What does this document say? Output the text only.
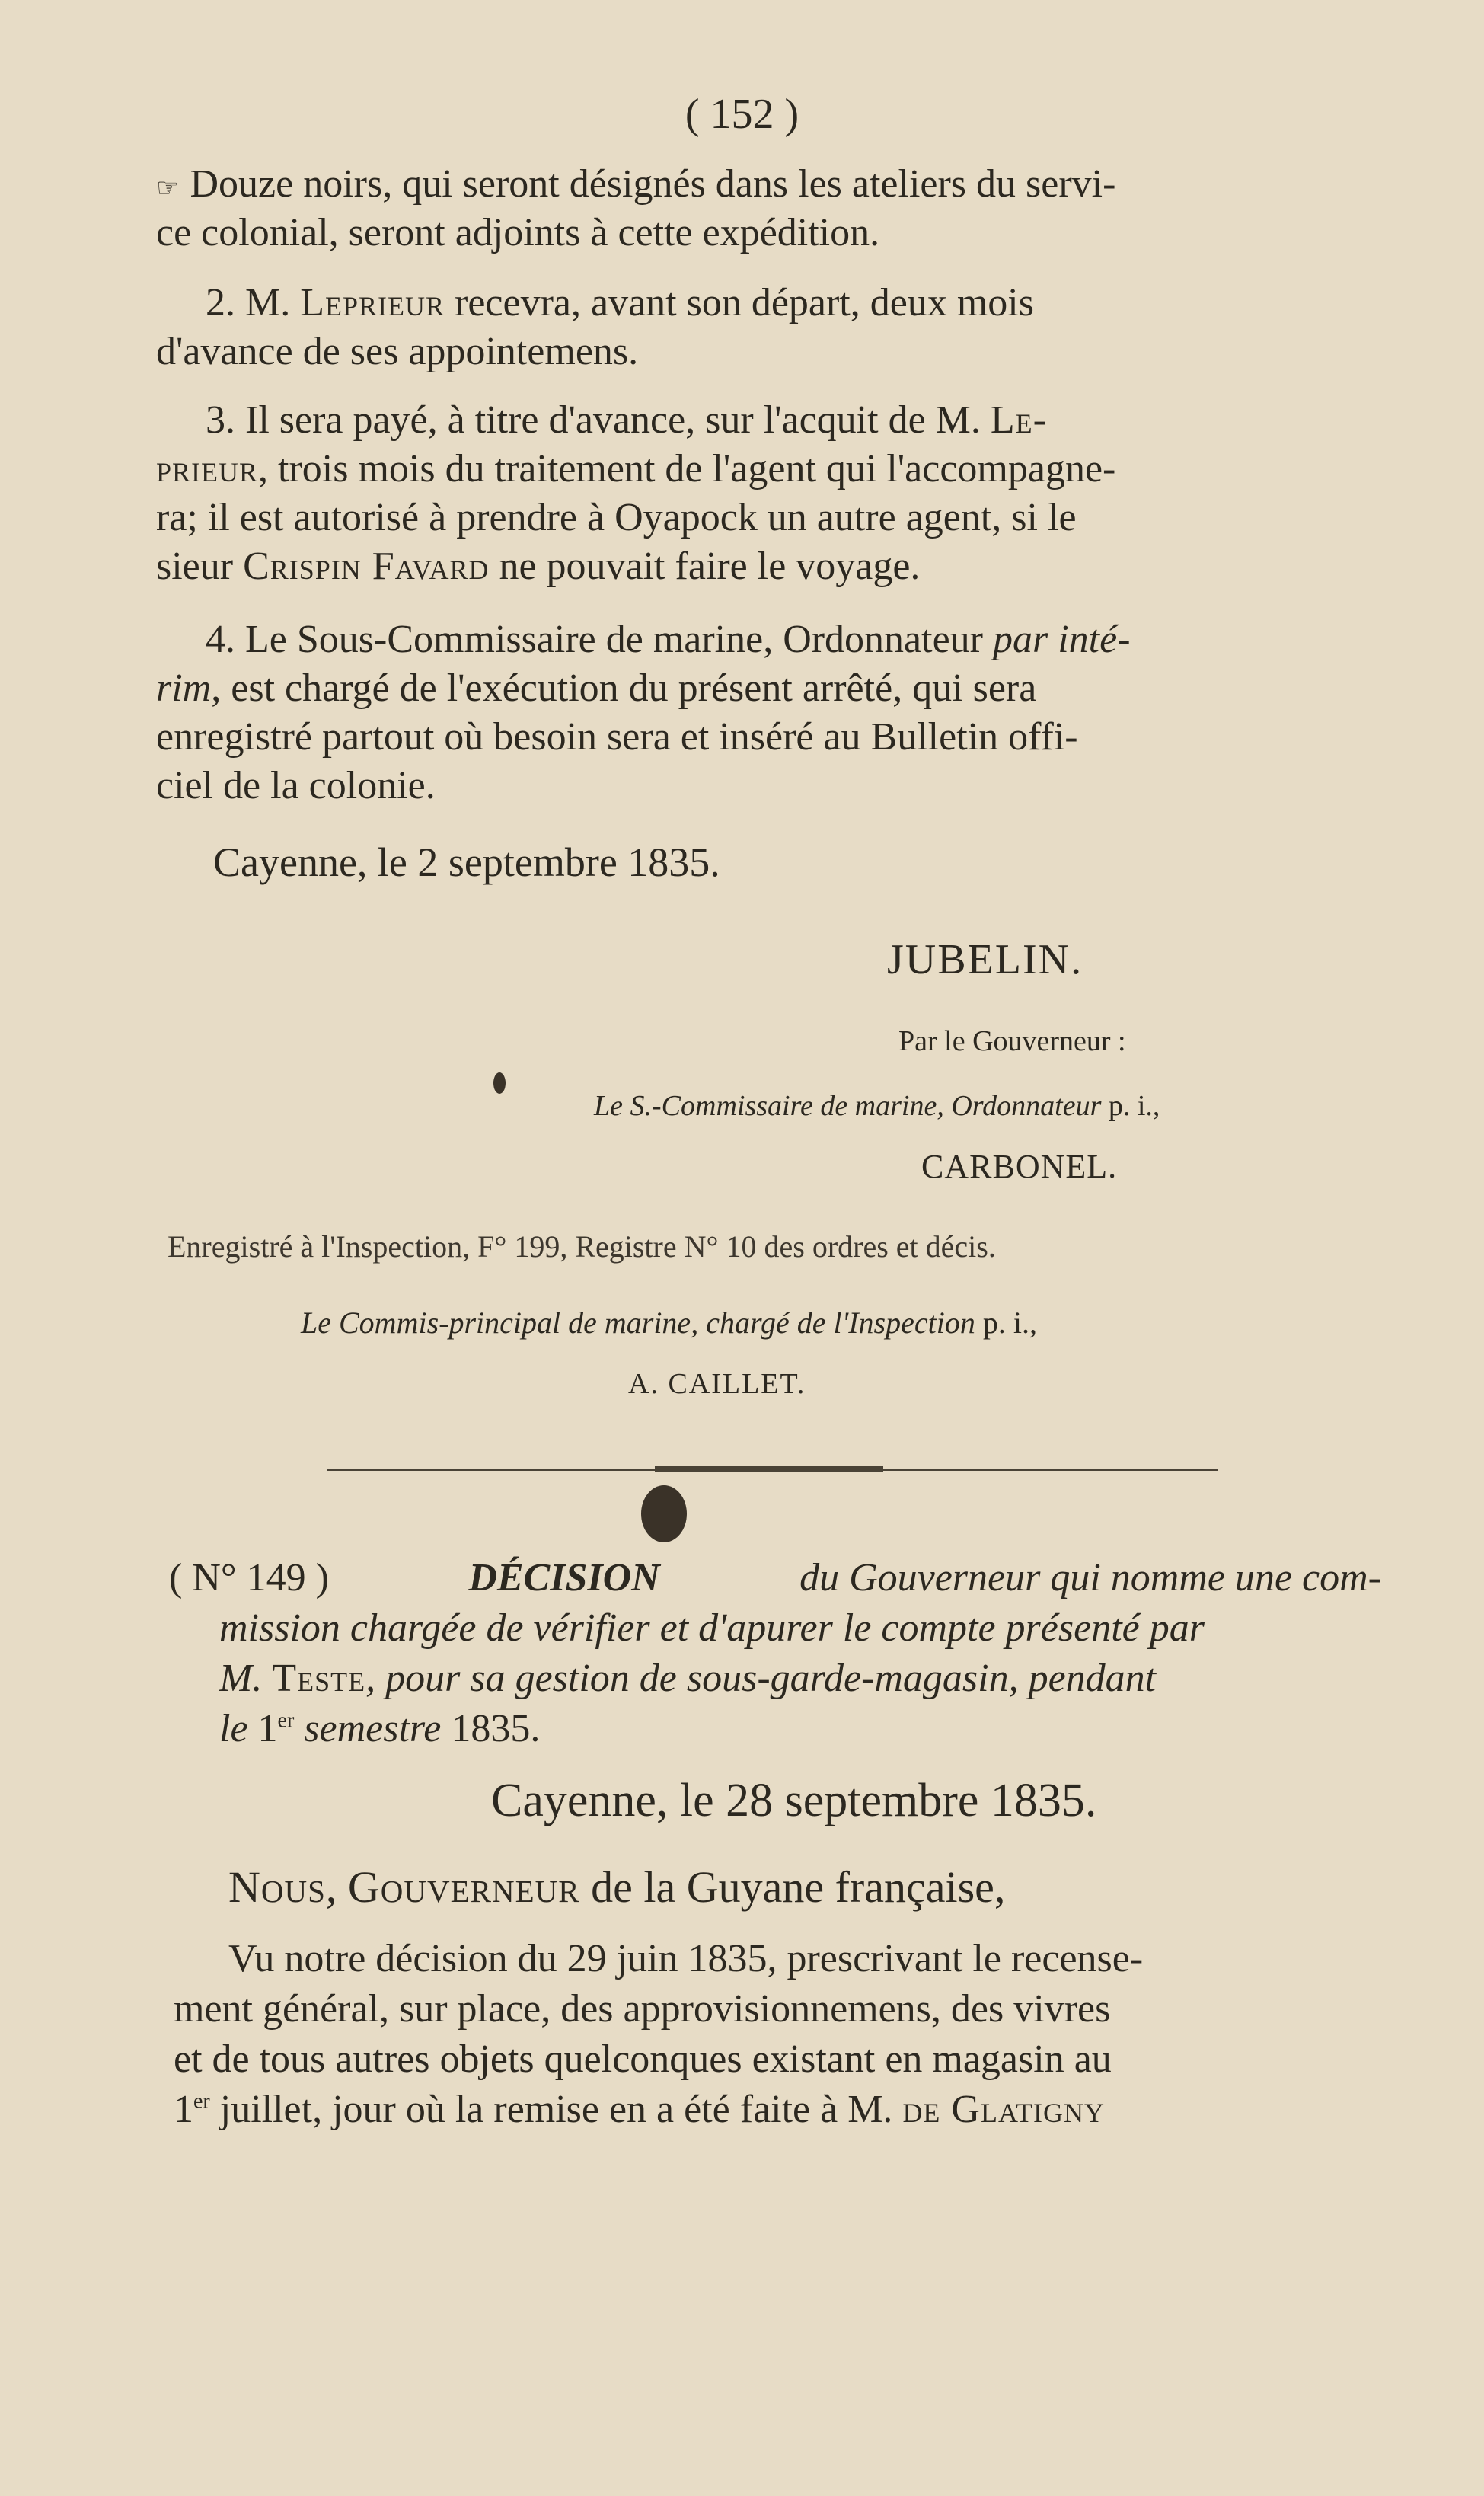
( 152 )
☞ Douze noirs, qui seront désignés dans les ateliers du servi-
ce colonial, seront adjoints à cette expédition.
2. M. Leprieur recevra, avant son départ, deux mois
d'avance de ses appointemens.
3. Il sera payé, à titre d'avance, sur l'acquit de M. Le-
prieur, trois mois du traitement de l'agent qui l'accompagne-
ra; il est autorisé à prendre à Oyapock un autre agent, si le
sieur Crispin Favard ne pouvait faire le voyage.
4. Le Sous-Commissaire de marine, Ordonnateur par inté-
rim, est chargé de l'exécution du présent arrêté, qui sera
enregistré partout où besoin sera et inséré au Bulletin offi-
ciel de la colonie.
Cayenne, le 2 septembre 1835.
JUBELIN.
Par le Gouverneur :
Le S.-Commissaire de marine, Ordonnateur p. i.,
CARBONEL.
Enregistré à l'Inspection, F° 199, Registre N° 10 des ordres et décis.
Le Commis-principal de marine, chargé de l'Inspection p. i.,
A. CAILLET.
( N° 149 )	DÉCISION	du Gouverneur qui nomme une com-
mission chargée de vérifier et d'apurer le compte présenté par
M. Teste, pour sa gestion de sous-garde-magasin, pendant
le 1er semestre 1835.
Cayenne, le 28 septembre 1835.
Nous, Gouverneur de la Guyane française,
Vu notre décision du 29 juin 1835, prescrivant le recense-
ment général, sur place, des approvisionnemens, des vivres
et de tous autres objets quelconques existant en magasin au
1er juillet, jour où la remise en a été faite à M. de Glatigny
